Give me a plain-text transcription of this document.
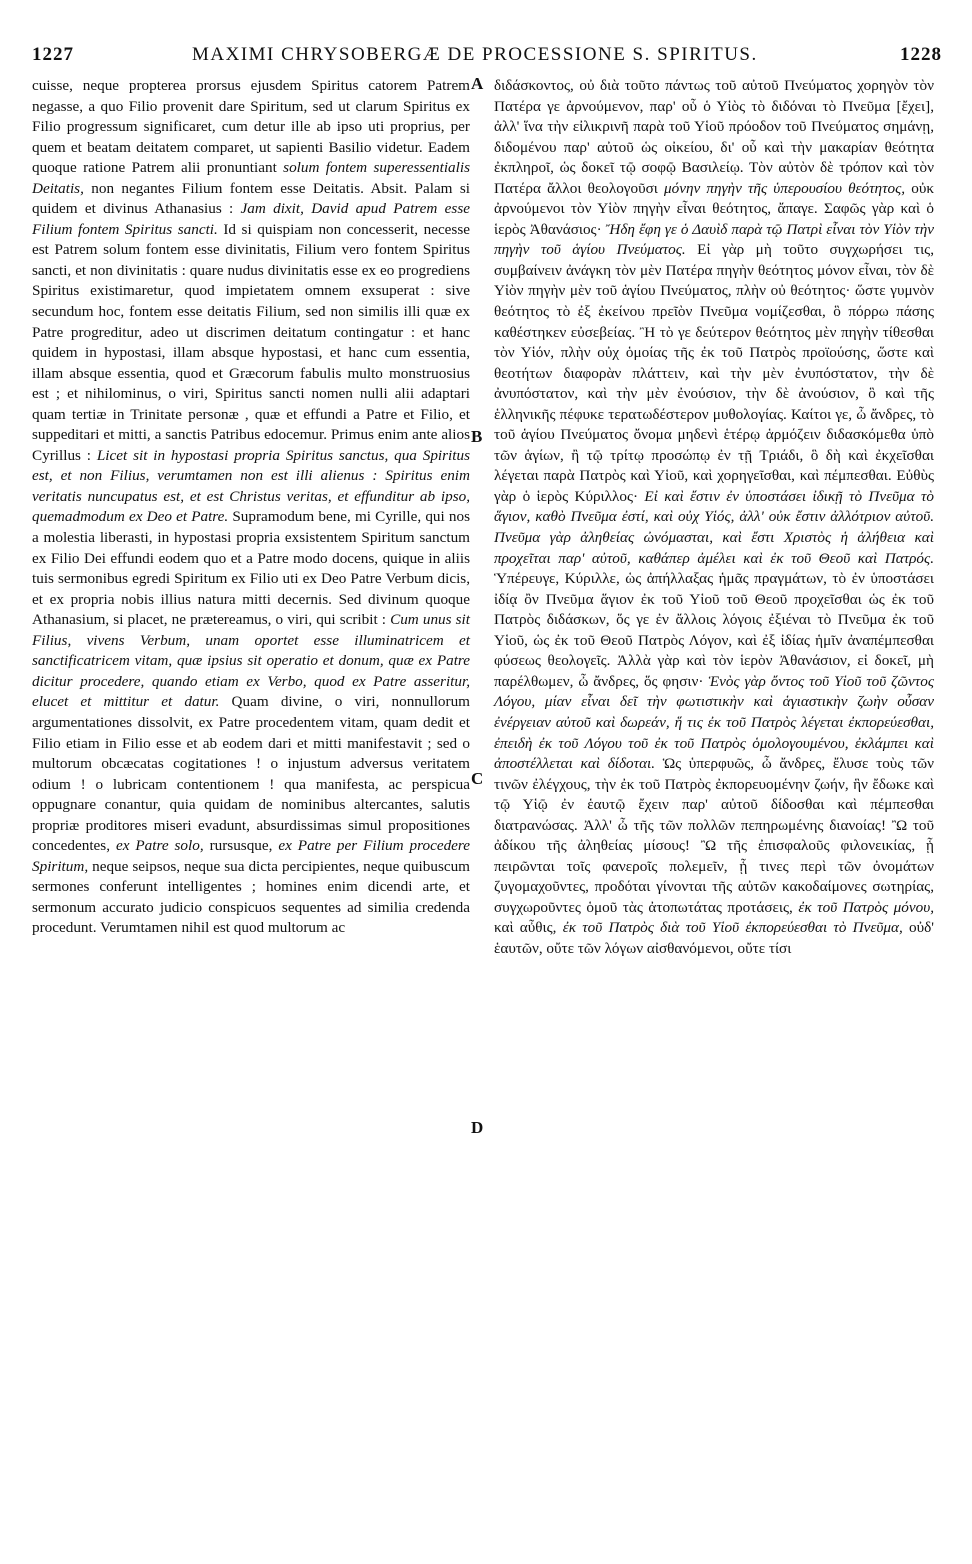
1227	MAXIMI CHRYSOBERGÆ DE PROCESSIONE S. SPIRITUS.	1228
cuisse, neque propterea prorsus ejusdem Spiritus catorem Patrem negasse, a quo Filio provenit dare Spiritum, sed ut clarum Spiritus ex Filio progressum significaret, cum detur ille ab ipso uti proprius, per quem et beatam deitatem comparet, ut sapienti Basilio videtur. Eadem quoque ratione Patrem alii pronuntiant solum fontem superessentialis Deitatis, non negantes Filium fontem esse Deitatis. Absit. Palam si quidem et divinus Athanasius : Jam dixit, David apud Patrem esse Filium fontem Spiritus sancti. Id si quispiam non concesserit, necesse est Patrem solum fontem esse divinitatis, Filium vero fontem Spiritus sancti, et non divinitatis : quare nudus divinitatis esse ex eo progrediens Spiritus existimaretur, quod impietatem omnem exsuperat : sive secundum hoc, fontem esse deitatis Filium, sed non similis illi quæ ex Patre progreditur, adeo ut discrimen deitatum contingatur : et hanc quidem in hypostasi, illam absque hypostasi, et hanc cum essentia, illam absque essentia, quod et Græcorum fabulis multo monstruosius est ; et nihilominus, o viri, Spiritus sancti nomen nulli alii adaptari quam tertiæ in Trinitate personæ , quæ et effundi a Patre et Filio, et suppeditari et mitti, a sanctis Patribus edocemur. Primus enim ante alios Cyrillus : Licet sit in hypostasi propria Spiritus sanctus, qua Spiritus est, et non Filius, verumtamen non est illi alienus : Spiritus enim veritatis nuncupatus est, et est Christus veritas, et effunditur ab ipso, quemadmodum ex Deo et Patre. Supramodum bene, mi Cyrille, qui nos a molestia liberasti, in hypostasi propria exsistentem Spiritum sanctum ex Filio Dei effundi eodem quo et a Patre modo docens, quique in aliis tuis sermonibus egredi Spiritum ex Filio uti ex Deo Patre Verbum dicis, et ex propria nobis illius natura mitti decernis. Sed divinum quoque Athanasium, si placet, ne prætereamus, o viri, qui scribit : Cum unus sit Filius, vivens Verbum, unam oportet esse illuminatricem et sanctificatricem vitam, quæ ipsius sit operatio et donum, quæ ex Patre dicitur procedere, quando etiam ex Verbo, quod ex Patre asseritur, elucet et mittitur et datur. Quam divine, o viri, nonnullorum argumentationes dissolvit, ex Patre procedentem vitam, quam dedit et Filio etiam in Filio esse et ab eodem dari et mitti manifestavit ; sed o multorum obcæcatas cogitationes ! o injustum adversus veritatem odium ! o lubricam contentionem ! qua manifesta, ac perspicua oppugnare conantur, quia quidam de nominibus altercantes, salutis propriæ proditores miseri evadunt, absurdissimas simul propositiones concedentes, ex Patre solo, rursusque, ex Patre per Filium procedere Spiritum, neque seipsos, neque sua dicta percipientes, neque quibuscum sermones conferunt intelligentes ; homines enim dicendi arte, et sermonum accurato judicio conspicuos sequentes ad similia credenda procedunt. Verumtamen nihil est quod multorum ac
A
B
C
D
διδάσκοντος, οὐ διὰ τοῦτο πάντως τοῦ αὐτοῦ Πνεύματος χορηγὸν τὸν Πατέρα γε ἀρνούμενον, παρ' οὗ ὁ Υἱὸς τὸ διδόναι τὸ Πνεῦμα [ἔχει], ἀλλ' ἵνα τὴν εἰλικρινῆ παρὰ τοῦ Υἱοῦ πρόοδον τοῦ Πνεύματος σημάνῃ, διδομένου παρ' αὐτοῦ ὡς οἰκείου, δι' οὗ καὶ τὴν μακαρίαν θεότητα ἐκπληροῖ, ὡς δοκεῖ τῷ σοφῷ Βασιλείῳ. Τὸν αὐτὸν δὲ τρόπον καὶ τὸν Πατέρα ἄλλοι θεολογοῦσι μόνην πηγὴν τῆς ὑπερουσίου θεότητος, οὐκ ἀρνούμενοι τὸν Υἱὸν πηγὴν εἶναι θεότητος, ἄπαγε. Σαφῶς γὰρ καὶ ὁ ἱερὸς Ἀθανάσιος· Ἤδη ἔφη γε ὁ Δαυὶδ παρὰ τῷ Πατρὶ εἶναι τὸν Υἱὸν τὴν πηγὴν τοῦ ἁγίου Πνεύματος. Εἰ γὰρ μὴ τοῦτο συγχωρήσει τις, συμβαίνειν ἀνάγκη τὸν μὲν Πατέρα πηγὴν θεότητος μόνον εἶναι, τὸν δὲ Υἱὸν πηγὴν μὲν τοῦ ἁγίου Πνεύματος, πλὴν οὐ θεότητος· ὥστε γυμνὸν θεότητος τὸ ἐξ ἐκείνου πρεῖὸν Πνεῦμα νομίζεσθαι, ὃ πόρρω πάσης καθέστηκεν εὐσεβείας. Ἢ τὸ γε δεύτερον θεότητος μὲν πηγὴν τίθεσθαι τὸν Υἱόν, πλὴν οὐχ ὁμοίας τῆς ἐκ τοῦ Πατρὸς προϊούσης, ὥστε καὶ θεοτήτων διαφορὰν πλάττειν, καὶ τὴν μὲν ἐνυπόστατον, τὴν δὲ ἀνυπόστατον, καὶ τὴν μὲν ἐνούσιον, τὴν δὲ ἀνούσιον, ὃ καὶ τῆς ἑλληνικῆς πέφυκε τερατωδέστερον μυθολογίας. Καίτοι γε, ὦ ἄνδρες, τὸ τοῦ ἁγίου Πνεύματος ὄνομα μηδενὶ ἑτέρῳ ἁρμόζειν διδασκόμεθα ὑπὸ τῶν ἁγίων, ἢ τῷ τρίτῳ προσώπῳ ἐν τῇ Τριάδι, ὃ δὴ καὶ ἐκχεῖσθαι λέγεται παρὰ Πατρὸς καὶ Υἱοῦ, καὶ χορηγεῖσθαι, καὶ πέμπεσθαι. Εὐθὺς γὰρ ὁ ἱερὸς Κύριλλος· Εἰ καὶ ἔστιν ἐν ὑποστάσει ἰδικῇ τὸ Πνεῦμα τὸ ἅγιον, καθὸ Πνεῦμα ἐστί, καὶ οὐχ Υἱός, ἀλλ' οὐκ ἔστιν ἀλλότριον αὐτοῦ. Πνεῦμα γὰρ ἀληθείας ὠνόμασται, καὶ ἔστι Χριστὸς ἡ ἀλήθεια καὶ προχεῖται παρ' αὐτοῦ, καθάπερ ἀμέλει καὶ ἐκ τοῦ Θεοῦ καὶ Πατρός. Ὑπέρευγε, Κύριλλε, ὡς ἀπήλλαξας ἡμᾶς πραγμάτων, τὸ ἐν ὑποστάσει ἰδίᾳ ὂν Πνεῦμα ἅγιον ἐκ τοῦ Υἱοῦ τοῦ Θεοῦ προχεῖσθαι ὡς ἐκ τοῦ Πατρὸς διδάσκων, ὅς γε ἐν ἄλλοις λόγοις ἐξιέναι τὸ Πνεῦμα ἐκ τοῦ Υἱοῦ, ὡς ἐκ τοῦ Θεοῦ Πατρὸς Λόγον, καὶ ἐξ ἰδίας ἡμῖν ἀναπέμπεσθαι φύσεως θεολογεῖς. Ἀλλὰ γὰρ καὶ τὸν ἱερὸν Ἀθανάσιον, εἰ δοκεῖ, μὴ παρέλθωμεν, ὦ ἄνδρες, ὅς φησιν· Ἑνὸς γὰρ ὄντος τοῦ Υἱοῦ τοῦ ζῶντος Λόγου, μίαν εἶναι δεῖ τὴν φωτιστικὴν καὶ ἁγιαστικὴν ζωὴν οὖσαν ἐνέργειαν αὐτοῦ καὶ δωρεάν, ἥ τις ἐκ τοῦ Πατρὸς λέγεται ἐκπορεύεσθαι, ἐπειδὴ ἐκ τοῦ Λόγου τοῦ ἐκ τοῦ Πατρὸς ὁμολογουμένου, ἐκλάμπει καὶ ἀποστέλλεται καὶ δίδοται. Ὡς ὑπερφυῶς, ὦ ἄνδρες, ἔλυσε τοὺς τῶν τινῶν ἐλέγχους, τὴν ἐκ τοῦ Πατρὸς ἐκπορευομένην ζωήν, ἣν ἔδωκε καὶ τῷ Υἱῷ ἐν ἑαυτῷ ἔχειν παρ' αὐτοῦ δίδοσθαι καὶ πέμπεσθαι διατρανώσας. Ἀλλ' ὦ τῆς τῶν πολλῶν πεπηρωμένης διανοίας! Ὢ τοῦ ἀδίκου τῆς ἀληθείας μίσους! Ὢ τῆς ἐπισφαλοῦς φιλονεικίας, ᾗ πειρῶνται τοῖς φανεροῖς πολεμεῖν, ᾗ τινες περὶ τῶν ὀνομάτων ζυγομαχοῦντες, προδόται γίνονται τῆς αὐτῶν κακοδαίμονες σωτηρίας, συγχωροῦντες ὁμοῦ τὰς ἀτοπωτάτας προτάσεις, ἐκ τοῦ Πατρὸς μόνου, καὶ αὖθις, ἐκ τοῦ Πατρὸς διὰ τοῦ Υἱοῦ ἐκπορεύεσθαι τὸ Πνεῦμα, οὐδ' ἑαυτῶν, οὔτε τῶν λόγων αἰσθανόμενοι, οὔτε τίσι
